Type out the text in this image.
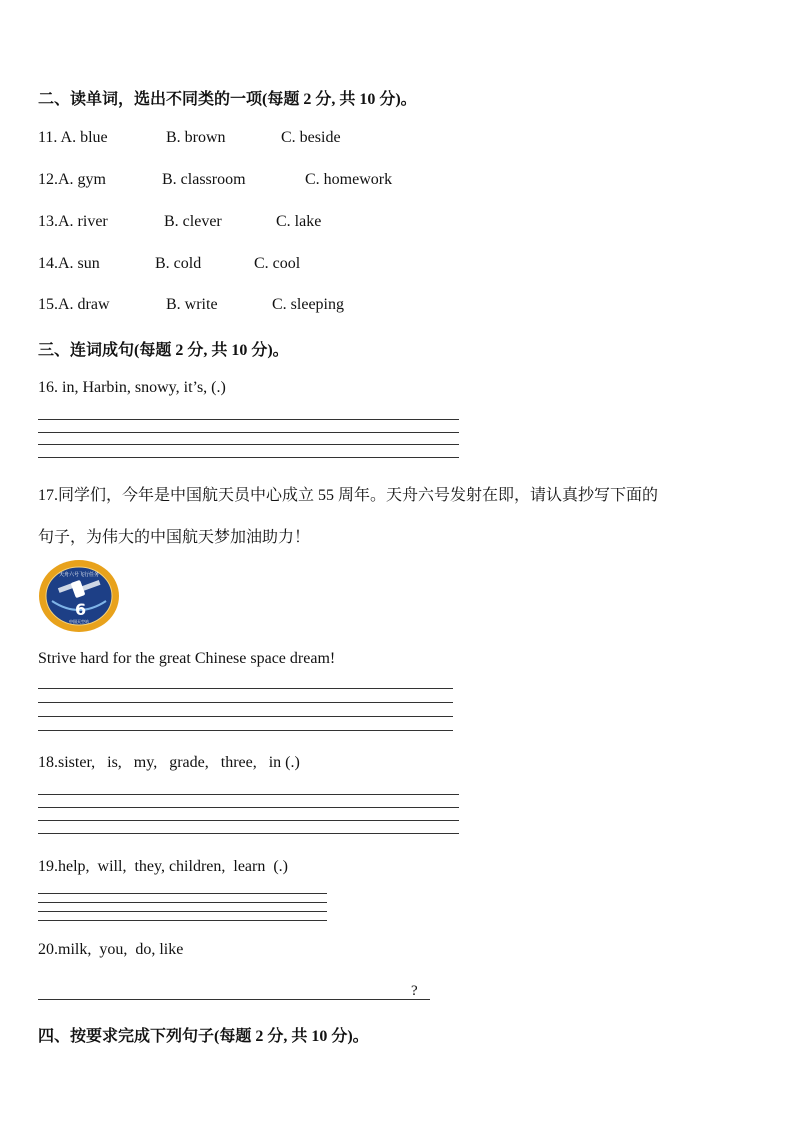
二、读单词，选出不同类的一项(每题 2 分, 共 10 分)。
11. A. blue	B. brown	C. beside
12.A. gym	B. classroom	C. homework
13.A. river	B. clever	C. lake
14.A. sun	B. cold	C. cool
15.A. draw	B. write	C. sleeping
三、连词成句(每题 2 分, 共 10 分)。
16. in, Harbin, snowy, it’s, (.)
17.同学们，今年是中国航天员中心成立 55 周年。天舟六号发射在即，请认真抄写下面的
句子，为伟大的中国航天梦加油助力！
6
天舟六号飞行任务
中国天空站
Strive hard for the great Chinese space dream!
18.sister,   is,   my,   grade,   three,   in (.)
19.help,  will,  they, children,  learn  (.)
20.milk,  you,  do, like
?
四、按要求完成下列句子(每题 2 分, 共 10 分)。
